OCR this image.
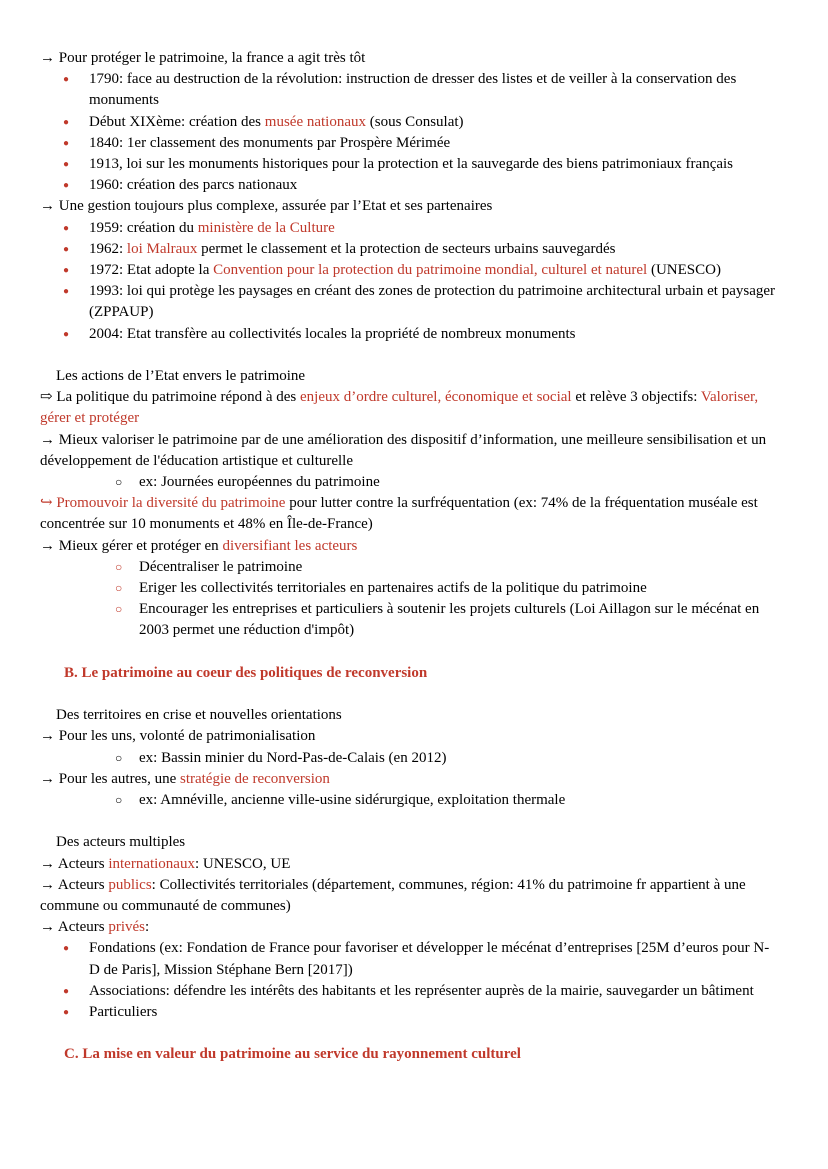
→ Pour protéger le patrimoine, la france a agit très tôt

● 1790: face au destruction de la révolution: instruction de dresser des listes et de veiller à la conservation des monuments

● Début XIXème: création des musée nationaux (sous Consulat)

● 1840: 1er classement des monuments par Prospère Mérimée

● 1913, loi sur les monuments historiques pour la protection et la sauvegarde des biens patrimoniaux français

● 1960: création des parcs nationaux

→ Une gestion toujours plus complexe, assurée par l’Etat et ses partenaires

● 1959: création du ministère de la Culture

● 1962: loi Malraux permet le classement et la protection de secteurs urbains sauvegardés

● 1972: Etat adopte la Convention pour la protection du patrimoine mondial, culturel et naturel (UNESCO)

● 1993: loi qui protège les paysages en créant des zones de protection du patrimoine architectural urbain et paysager (ZPPAUP)

● 2004: Etat transfère au collectivités locales la propriété de nombreux monuments

Les actions de l’Etat envers le patrimoine

⇨ La politique du patrimoine répond à des enjeux d’ordre culturel, économique et social et relève 3 objectifs: Valoriser, gérer et protéger

→ Mieux valoriser le patrimoine par de une amélioration des dispositif d’information, une meilleure sensibilisation et un développement de l'éducation artistique et culturelle

○ ex: Journées européennes du patrimoine

↪ Promouvoir la diversité du patrimoine pour lutter contre la surfréquentation (ex: 74% de la fréquentation muséale est concentrée sur 10 monuments et 48% en Île-de-France)

→ Mieux gérer et protéger en diversifiant les acteurs

○ Décentraliser le patrimoine

○ Eriger les collectivités territoriales en partenaires actifs de la politique du patrimoine

○ Encourager les entreprises et particuliers à soutenir les projets culturels (Loi Aillagon sur le mécénat en 2003 permet une réduction d'impôt)

B. Le patrimoine au coeur des politiques de reconversion

Des territoires en crise et nouvelles orientations

→ Pour les uns, volonté de patrimonialisation

○ ex: Bassin minier du Nord-Pas-de-Calais (en 2012)

→ Pour les autres, une stratégie de reconversion

○ ex: Amnéville, ancienne ville-usine sidérurgique, exploitation thermale

Des acteurs multiples

→ Acteurs internationaux: UNESCO, UE

→ Acteurs publics: Collectivités territoriales (département, communes, région: 41% du patrimoine fr appartient à une commune ou communauté de communes)

→ Acteurs privés:

● Fondations (ex: Fondation de France pour favoriser et développer le mécénat d’entreprises [25M d’euros pour N-D de Paris], Mission Stéphane Bern [2017])

● Associations: défendre les intérêts des habitants et les représenter auprès de la mairie, sauvegarder un bâtiment

● Particuliers

C. La mise en valeur du patrimoine au service du rayonnement culturel
